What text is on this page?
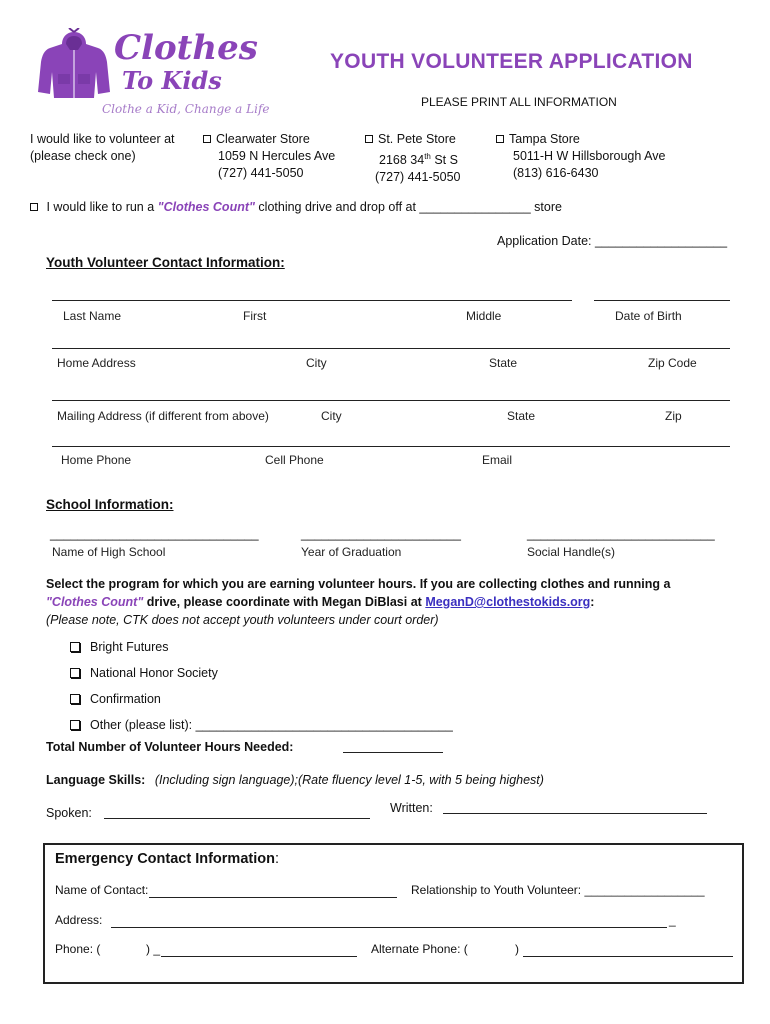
Clothes
To Kids
Clothe a Kid, Change a Life
YOUTH VOLUNTEER APPLICATION
PLEASE PRINT ALL INFORMATION
I would like to volunteer at
(please check one)
Clearwater Store
1059 N Hercules Ave
(727) 441-5050
St. Pete Store
2168 34th St S
(727) 441-5050
Tampa Store
5011-H W Hillsborough Ave
(813) 616-6430
I would like to run a "Clothes Count" clothing drive and drop off at ________________ store
Application Date: ___________________
Youth Volunteer Contact Information:
Last Name	First	Middle	Date of Birth
Home Address	City	State	Zip Code
Mailing Address (if different from above)	City	State	Zip
Home Phone	Cell Phone	Email
School Information:
______________________________	_______________________	___________________________
Name of High School	Year of Graduation	Social Handle(s)
Select the program for which you are earning volunteer hours. If you are collecting clothes and running a
"Clothes Count" drive, please coordinate with Megan DiBlasi at MeganD@clothestokids.org:
(Please note, CTK does not accept youth volunteers under court order)
Bright Futures
National Honor Society
Confirmation
Other (please list): _____________________________________
Total Number of Volunteer Hours Needed:
Language Skills: (Including sign language);(Rate fluency level 1-5, with 5 being highest)
Spoken:	Written:
Emergency Contact Information:
Name of Contact:	Relationship to Youth Volunteer: __________________
Address:	_
Phone: (	) _	Alternate Phone: (	)
